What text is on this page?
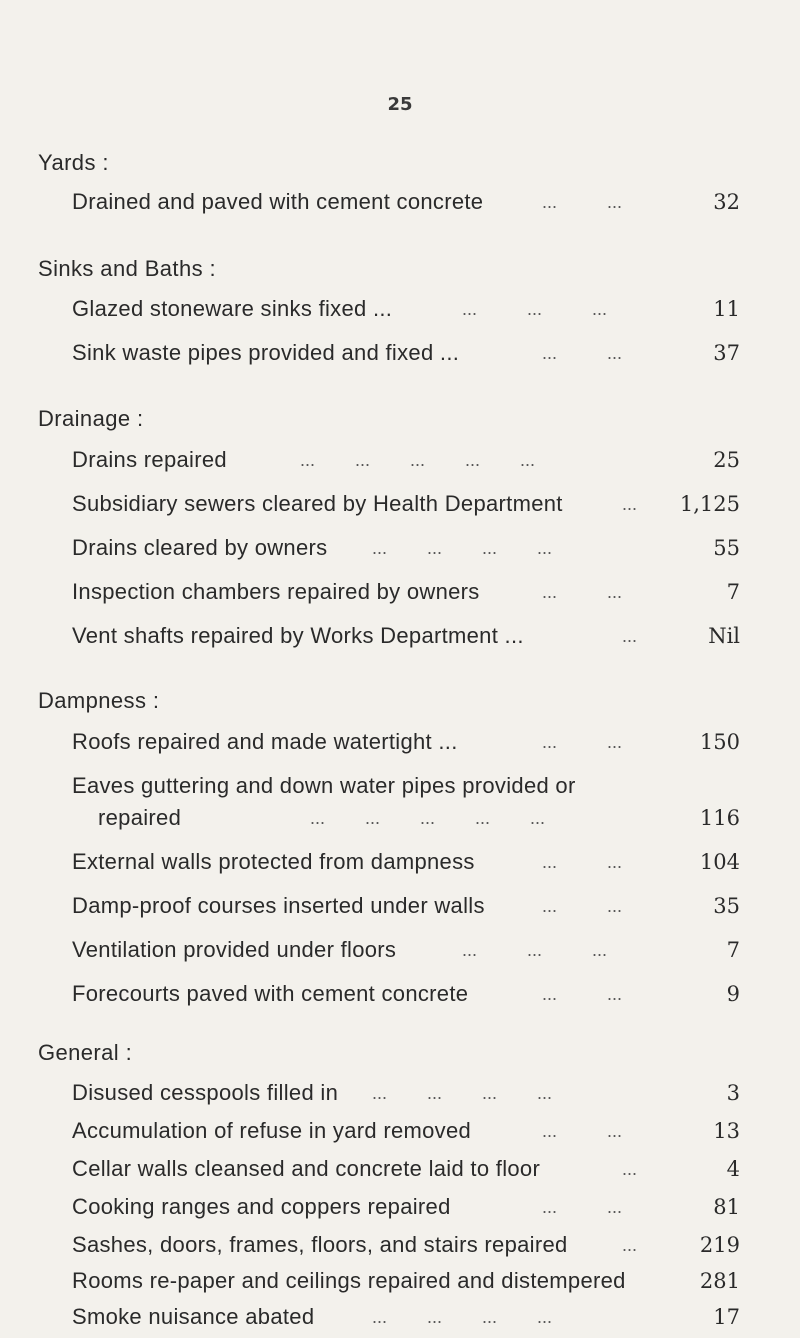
25
Yards :
Drained and paved with cement concrete	...          ...	32
Sinks and Baths :
Glazed stoneware sinks fixed ...	...          ...          ...	11
Sink waste pipes provided and fixed ...	...          ...	37
Drainage :
Drains repaired	...        ...        ...        ...        ...	25
Subsidiary sewers cleared by Health Department	... 1,125
Drains cleared by owners ...        ...        ...        ...	55
Inspection chambers repaired by owners	...          ...	7
Vent shafts repaired by Works Department ...	...	Nil
Dampness :
Roofs repaired and made watertight ...	...          ...	150
Eaves guttering and down water pipes provided or
repaired	...        ...        ...        ...        ...	116
External walls protected from dampness	...          ...	104
Damp-proof courses inserted under walls	...          ...	35
Ventilation provided under floors	...          ...          ...	7
Forecourts paved with cement concrete	...          ...	9
General :
Disused cesspools filled in ...        ...        ...        ...	3
Accumulation of refuse in yard removed	...          ...	13
Cellar walls cleansed and concrete laid to floor	...	4
Cooking ranges and coppers repaired	...          ...	81
Sashes, doors, frames, floors, and stairs repaired	...	219
Rooms re-paper and ceilings repaired and distempered	281
Smoke nuisance abated	...        ...        ...        ...	17
